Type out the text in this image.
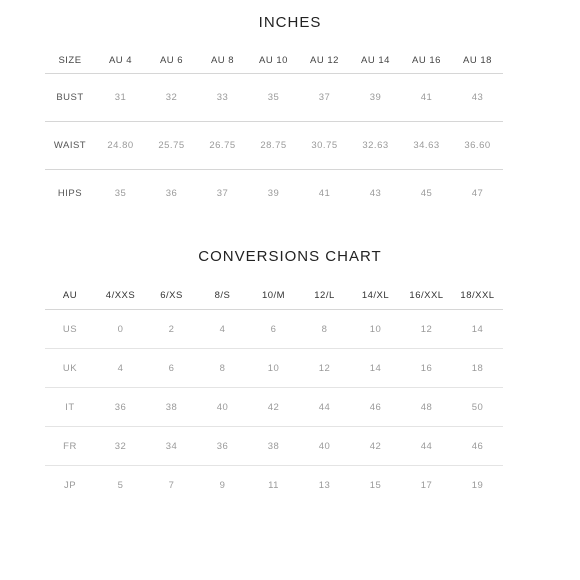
INCHES
SIZE	AU 4	AU 6	AU 8	AU 10	AU 12	AU 14	AU 16	AU 18
BUST	31	32	33	35	37	39	41	43
WAIST	24.80	25.75	26.75	28.75	30.75	32.63	34.63	36.60
HIPS	35	36	37	39	41	43	45	47
CONVERSIONS CHART
AU	4/XXS	6/XS	8/S	10/M	12/L	14/XL	16/XXL	18/XXL
US	0	2	4	6	8	10	12	14
UK	4	6	8	10	12	14	16	18
IT	36	38	40	42	44	46	48	50
FR	32	34	36	38	40	42	44	46
JP	5	7	9	11	13	15	17	19
